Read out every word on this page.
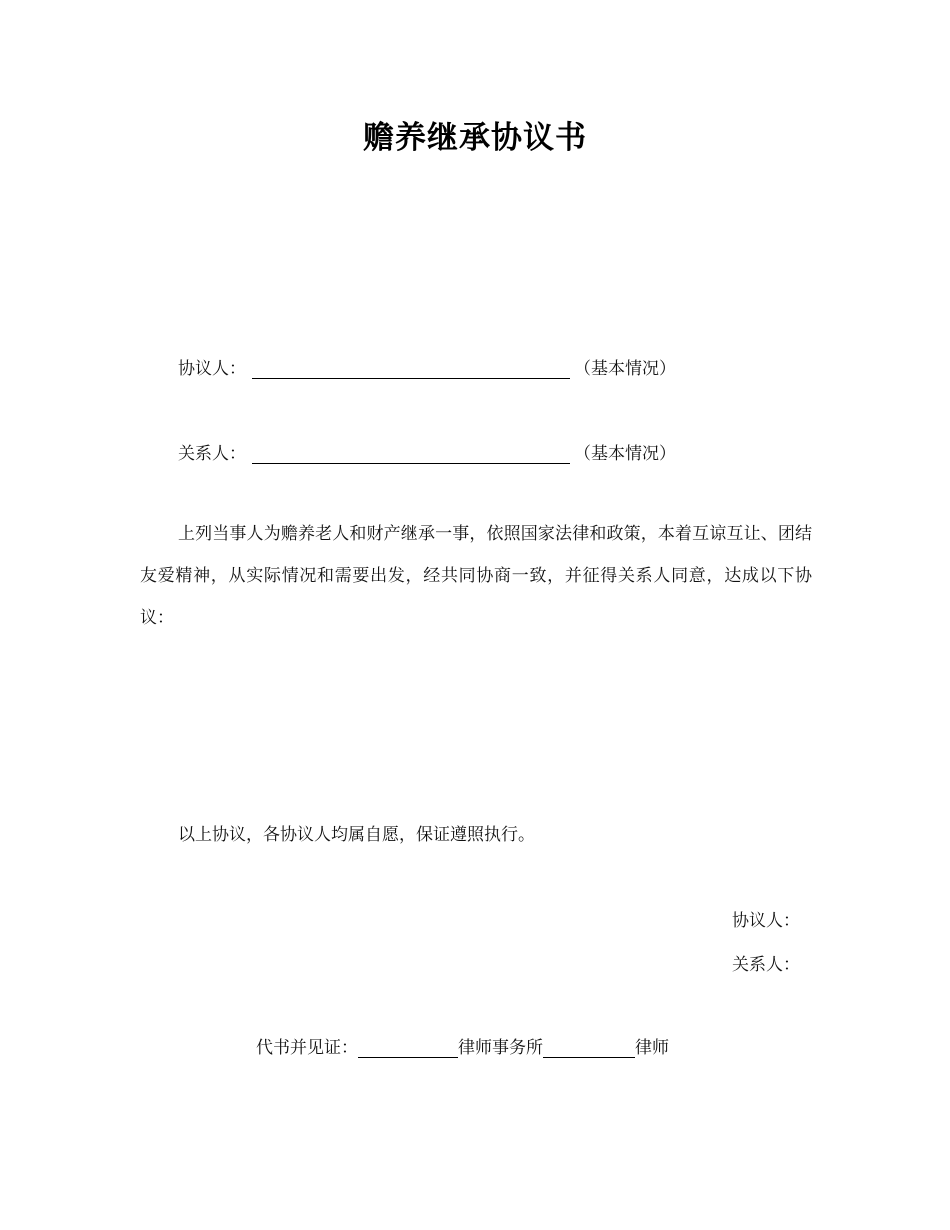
赡养继承协议书
协议人：	（基本情况）
关系人：	（基本情况）
上列当事人为赡养老人和财产继承一事，依照国家法律和政策，本着互谅互让、团结友爱精神，从实际情况和需要出发，经共同协商一致，并征得关系人同意，达成以下协议：
以上协议，各协议人均属自愿，保证遵照执行。
协议人：
关系人：
代书并见证：	律师事务所	律师
